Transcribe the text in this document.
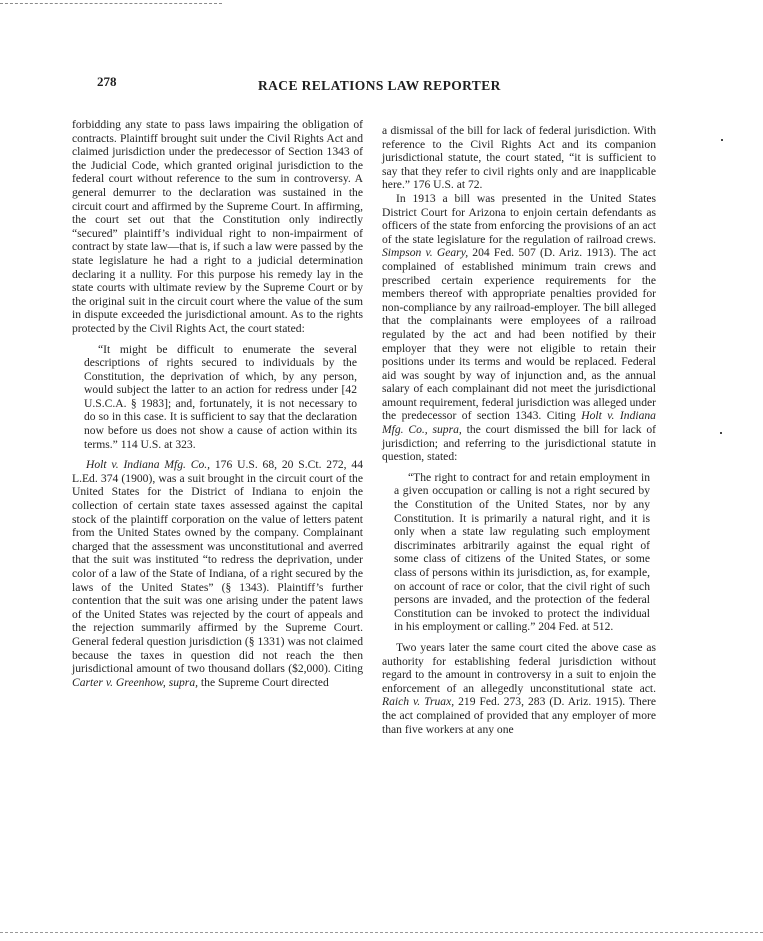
278	RACE RELATIONS LAW REPORTER

forbidding any state to pass laws impairing the obligation of contracts. Plaintiff brought suit under the Civil Rights Act and claimed jurisdiction under the predecessor of Section 1343 of the Judicial Code, which granted original jurisdiction to the federal court without reference to the sum in controversy. A general demurrer to the declaration was sustained in the circuit court and affirmed by the Supreme Court. In affirming, the court set out that the Constitution only indirectly “secured” plaintiff’s individual right to non-impairment of contract by state law—that is, if such a law were passed by the state legislature he had a right to a judicial determination declaring it a nullity. For this purpose his remedy lay in the state courts with ultimate review by the Supreme Court or by the original suit in the circuit court where the value of the sum in dispute exceeded the jurisdictional amount. As to the rights protected by the Civil Rights Act, the court stated:

“It might be difficult to enumerate the several descriptions of rights secured to individuals by the Constitution, the deprivation of which, by any person, would subject the latter to an action for redress under [42 U.S.C.A. § 1983]; and, fortunately, it is not necessary to do so in this case. It is sufficient to say that the declaration now before us does not show a cause of action within its terms.” 114 U.S. at 323.

Holt v. Indiana Mfg. Co., 176 U.S. 68, 20 S.Ct. 272, 44 L.Ed. 374 (1900), was a suit brought in the circuit court of the United States for the District of Indiana to enjoin the collection of certain state taxes assessed against the capital stock of the plaintiff corporation on the value of letters patent from the United States owned by the company. Complainant charged that the assessment was unconstitutional and averred that the suit was instituted “to redress the deprivation, under color of a law of the State of Indiana, of a right secured by the laws of the United States” (§ 1343). Plaintiff’s further contention that the suit was one arising under the patent laws of the United States was rejected by the court of appeals and the rejection summarily affirmed by the Supreme Court. General federal question jurisdiction (§ 1331) was not claimed because the taxes in question did not reach the then jurisdictional amount of two thousand dollars ($2,000). Citing Carter v. Greenhow, supra, the Supreme Court directed

a dismissal of the bill for lack of federal jurisdiction. With reference to the Civil Rights Act and its companion jurisdictional statute, the court stated, “it is sufficient to say that they refer to civil rights only and are inapplicable here.” 176 U.S. at 72.

In 1913 a bill was presented in the United States District Court for Arizona to enjoin certain defendants as officers of the state from enforcing the provisions of an act of the state legislature for the regulation of railroad crews. Simpson v. Geary, 204 Fed. 507 (D. Ariz. 1913). The act complained of established minimum train crews and prescribed certain experience requirements for the members thereof with appropriate penalties provided for non-compliance by any railroad-employer. The bill alleged that the complainants were employees of a railroad regulated by the act and had been notified by their employer that they were not eligible to retain their positions under its terms and would be replaced. Federal aid was sought by way of injunction and, as the annual salary of each complainant did not meet the jurisdictional amount requirement, federal jurisdiction was alleged under the predecessor of section 1343. Citing Holt v. Indiana Mfg. Co., supra, the court dismissed the bill for lack of jurisdiction; and referring to the jurisdictional statute in question, stated:

“The right to contract for and retain employment in a given occupation or calling is not a right secured by the Constitution of the United States, nor by any Constitution. It is primarily a natural right, and it is only when a state law regulating such employment discriminates arbitrarily against the equal right of some class of citizens of the United States, or some class of persons within its jurisdiction, as, for example, on account of race or color, that the civil right of such persons are invaded, and the protection of the federal Constitution can be invoked to protect the individual in his employment or calling.” 204 Fed. at 512.

Two years later the same court cited the above case as authority for establishing federal jurisdiction without regard to the amount in controversy in a suit to enjoin the enforcement of an allegedly unconstitutional state act. Raich v. Truax, 219 Fed. 273, 283 (D. Ariz. 1915). There the act complained of provided that any employer of more than five workers at any one
